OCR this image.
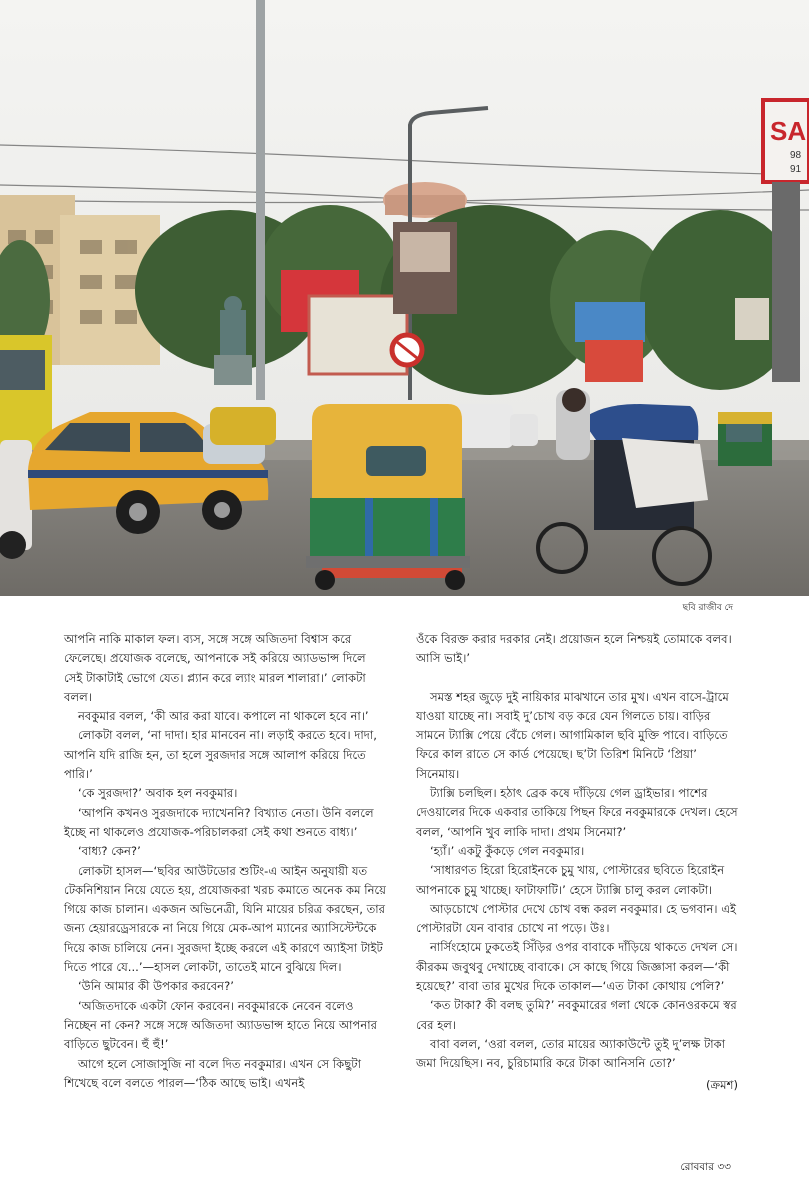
SA
98
91
ছবি রাজীব দে

আপনি নাকি মাকাল ফল। ব্যস, সঙ্গে সঙ্গে অজিতদা বিশ্বাস করে ফেলেছে। প্রযোজক বলেছে, আপনাকে সই করিয়ে অ্যাডভান্স দিলে সেই টাকাটাই ভোগে যেত। প্ল্যান করে ল্যাং মারল শালারা।’ লোকটা বলল।

নবকুমার বলল, ‘কী আর করা যাবে। কপালে না থাকলে হবে না।’

লোকটা বলল, ‘না দাদা। হার মানবেন না। লড়াই করতে হবে। দাদা, আপনি যদি রাজি হন, তা হলে সুরজদার সঙ্গে আলাপ করিয়ে দিতে পারি।’

‘কে সুরজদা?’ অবাক হল নবকুমার।

‘আপনি কখনও সুরজদাকে দ্যাখেননি? বিখ্যাত নেতা। উনি বললে ইচ্ছে না থাকলেও প্রযোজক-পরিচালকরা সেই কথা শুনতে বাধ্য।’

‘বাধ্য? কেন?’

লোকটা হাসল—‘ছবির আউটডোর শুটিং-এ আইন অনুযায়ী যত টেকনিশিয়ান নিয়ে যেতে হয়, প্রযোজকরা খরচ কমাতে অনেক কম নিয়ে গিয়ে কাজ চালান। একজন অভিনেত্রী, যিনি মায়ের চরিত্র করছেন, তার জন্য হেয়ারড্রেসারকে না নিয়ে গিয়ে মেক-আপ ম্যানের অ্যাসিস্টেন্টকে দিয়ে কাজ চালিয়ে নেন। সুরজদা ইচ্ছে করলে এই কারণে অ্যাইসা টাইট দিতে পারে যে...’—হাসল লোকটা, তাতেই মানে বুঝিয়ে দিল।

‘উনি আমার কী উপকার করবেন?’

‘অজিতদাকে একটা ফোন করবেন। নবকুমারকে নেবেন বলেও নিচ্ছেন না কেন? সঙ্গে সঙ্গে অজিতদা অ্যাডভান্স হাতে নিয়ে আপনার বাড়িতে ছুটবেন। হুঁ হুঁ!’

আগে হলে সোজাসুজি না বলে দিত নবকুমার। এখন সে কিছুটা শিখেছে বলে বলতে পারল—‘ঠিক আছে ভাই। এখনই

ওঁকে বিরক্ত করার দরকার নেই। প্রয়োজন হলে নিশ্চয়ই তোমাকে বলব। আসি ভাই।’

সমস্ত শহর জুড়ে দুই নায়িকার মাঝখানে তার মুখ। এখন বাসে-ট্রামে যাওয়া যাচ্ছে না। সবাই দু’চোখ বড় করে যেন গিলতে চায়। বাড়ির সামনে ট্যাক্সি পেয়ে বেঁচে গেল। আগামিকাল ছবি মুক্তি পাবে। বাড়িতে ফিরে কাল রাতে সে কার্ড পেয়েছে। ছ’টা তিরিশ মিনিটে ‘প্রিয়া’ সিনেমায়।

ট্যাক্সি চলছিল। হঠাৎ ব্রেক কষে দাঁড়িয়ে গেল ড্রাইভার। পাশের দেওয়ালের দিকে একবার তাকিয়ে পিছন ফিরে নবকুমারকে দেখল। হেসে বলল, ‘আপনি খুব লাকি দাদা। প্রথম সিনেমা?’

‘হ্যাঁ।’ একটু কুঁকড়ে গেল নবকুমার।

‘সাধারণত হিরো হিরোইনকে চুমু খায়, পোস্টারের ছবিতে হিরোইন আপনাকে চুমু খাচ্ছে। ফাটাফাটি।’ হেসে ট্যাক্সি চালু করল লোকটা।

আড়চোখে পোস্টার দেখে চোখ বন্ধ করল নবকুমার। হে ভগবান। এই পোস্টারটা যেন বাবার চোখে না পড়ে। উঃ।

নার্সিংহোমে ঢুকতেই সিঁড়ির ওপর বাবাকে দাঁড়িয়ে থাকতে দেখল সে। কীরকম জবুথবু দেখাচ্ছে বাবাকে। সে কাছে গিয়ে জিজ্ঞাসা করল—‘কী হয়েছে?’ বাবা তার মুখের দিকে তাকাল—‘এত টাকা কোথায় পেলি?’

‘কত টাকা? কী বলছ তুমি?’ নবকুমারের গলা থেকে কোনওরকমে স্বর বের হল।

বাবা বলল, ‘ওরা বলল, তোর মায়ের অ্যাকাউন্টে তুই দু’লক্ষ টাকা জমা দিয়েছিস। নব, চুরিচামারি করে টাকা আনিসনি তো?’

(ক্রমশ)

রোববার ৩৩
